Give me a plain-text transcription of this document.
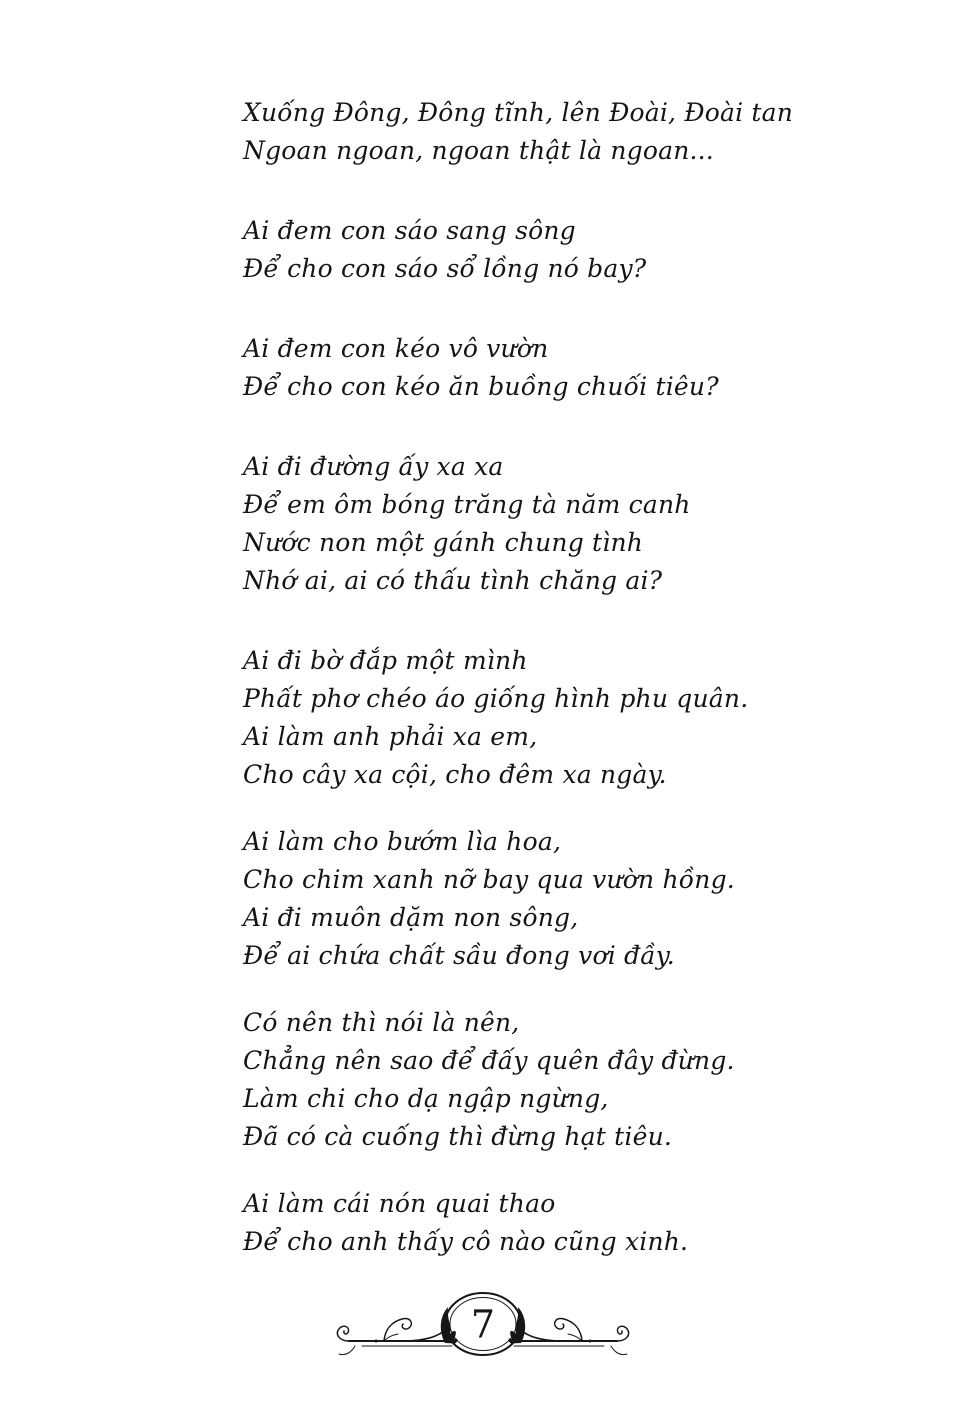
Xuống Đông, Đông tĩnh, lên Đoài, Đoài tan

Ngoan ngoan, ngoan thật là ngoan...

Ai đem con sáo sang sông

Để cho con sáo sổ lồng nó bay?

Ai đem con kéo vô vườn

Để cho con kéo ăn buồng chuối tiêu?

Ai đi đường ấy xa xa

Để em ôm bóng trăng tà năm canh

Nước non một gánh chung tình

Nhớ ai, ai có thấu tình chăng ai?

Ai đi bờ đắp một mình

Phất phơ chéo áo giống hình phu quân.

Ai làm anh phải xa em,

Cho cây xa cội, cho đêm xa ngày.

Ai làm cho bướm lìa hoa,

Cho chim xanh nỡ bay qua vườn hồng.

Ai đi muôn dặm non sông,

Để ai chứa chất sầu đong vơi đầy.

Có nên thì nói là nên,

Chẳng nên sao để đấy quên đây đừng.

Làm chi cho dạ ngập ngừng,

Đã có cà cuống thì đừng hạt tiêu.

Ai làm cái nón quai thao

Để cho anh thấy cô nào cũng xinh.

7
